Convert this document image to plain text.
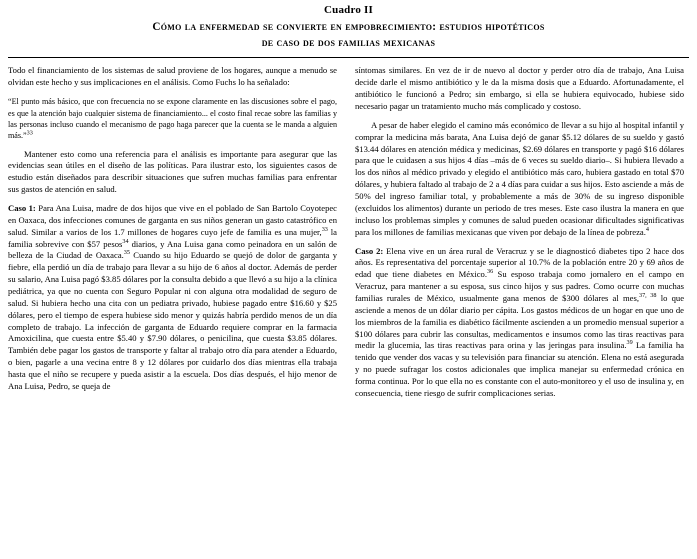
Cuadro II
Cómo la enfermedad se convierte en empobrecimiento: estudios hipotéticos
de caso de dos familias mexicanas

Todo el financiamiento de los sistemas de salud proviene de los hogares, aunque a menudo se olvidan este hecho y sus implicaciones en el análisis. Como Fuchs lo ha señalado:

“El punto más básico, que con frecuencia no se expone claramente en las discusiones sobre el pago, es que la atención bajo cualquier sistema de financiamiento... el costo final recae sobre las familias y las personas incluso cuando el mecanismo de pago haga parecer que la cuenta se le manda a alguien más.”$^{33}$

Mantener esto como una referencia para el análisis es importante para asegurar que las evidencias sean útiles en el diseño de las políticas. Para ilustrar esto, los siguientes casos de estudio están diseñados para describir situaciones que sufren muchas familias para enfrentar sus gastos de atención en salud.

Caso 1: Para Ana Luisa, madre de dos hijos que vive en el poblado de San Bartolo Coyotepec en Oaxaca, dos infecciones comunes de garganta en sus niños generan un gasto catastrófico en salud. Similar a varios de los 1.7 millones de hogares cuyo jefe de familia es una mujer,$^{33}$ la familia sobrevive con $57 pesos$^{34}$ diarios, y Ana Luisa gana como peinadora en un salón de belleza de la Ciudad de Oaxaca.$^{35}$ Cuando su hijo Eduardo se quejó de dolor de garganta y fiebre, ella perdió un día de trabajo para llevar a su hijo de 6 años al doctor. Además de perder su salario, Ana Luisa pagó $3.85 dólares por la consulta debido a que llevó a su hijo a la clínica pediátrica, ya que no cuenta con Seguro Popular ni con alguna otra modalidad de seguro de salud. Si hubiera hecho una cita con un pediatra privado, hubiese pagado entre $16.60 y $25 dólares, pero el tiempo de espera hubiese sido menor y quizás habría perdido menos de un día completo de trabajo. La infección de garganta de Eduardo requiere comprar en la farmacia Amoxicilina, que cuesta entre $5.40 y $7.90 dólares, o penicilina, que cuesta $3.85 dólares. También debe pagar los gastos de transporte y faltar al trabajo otro día para atender a Eduardo, o bien, pagarle a una vecina entre 8 y 12 dólares por cuidarlo dos días mientras ella trabaja hasta que el niño se recupere y pueda asistir a la escuela. Dos días después, el hijo menor de Ana Luisa, Pedro, se queja de

síntomas similares. En vez de ir de nuevo al doctor y perder otro día de trabajo, Ana Luisa decide darle el mismo antibiótico y le da la misma dosis que a Eduardo. Afortunadamente, el antibiótico le funcionó a Pedro; sin embargo, si ella se hubiera equivocado, hubiese sido necesario pagar un tratamiento mucho más complicado y costoso.

A pesar de haber elegido el camino más económico de llevar a su hijo al hospital infantil y comprar la medicina más barata, Ana Luisa dejó de ganar $5.12 dólares de su sueldo y gastó $13.44 dólares en atención médica y medicinas, $2.69 dólares en transporte y pagó $16 dólares para que le cuidasen a sus hijos 4 días –más de 6 veces su sueldo diario–. Si hubiera llevado a los dos niños al médico privado y elegido el antibiótico más caro, hubiera gastado en total $70 dólares, y hubiera faltado al trabajo de 2 a 4 días para cuidar a sus hijos. Esto asciende a más de 50% del ingreso familiar total, y probablemente a más de 30% de su ingreso disponible (excluidos los alimentos) durante un periodo de tres meses. Este caso ilustra la manera en que incluso los problemas simples y comunes de salud pueden ocasionar dificultades significativas para los millones de familias mexicanas que viven por debajo de la línea de pobreza.$^4$

Caso 2: Elena vive en un área rural de Veracruz y se le diagnosticó diabetes tipo 2 hace dos años. Es representativa del porcentaje superior al 10.7% de la población entre 20 y 69 años de edad que tiene diabetes en México.$^{36}$ Su esposo trabaja como jornalero en el campo en Veracruz, para mantener a su esposa, sus cinco hijos y sus padres. Como ocurre con muchas familias rurales de México, usualmente gana menos de $300 dólares al mes,$^{37, 38}$ lo que asciende a menos de un dólar diario per cápita. Los gastos médicos de un hogar en que uno de los miembros de la familia es diabético fácilmente ascienden a un promedio mensual superior a $100 dólares para cubrir las consultas, medicamentos e insumos como las tiras reactivas para medir la glucemia, las tiras reactivas para orina y las jeringas para insulina.$^{39}$ La familia ha tenido que vender dos vacas y su televisión para financiar su atención. Elena no está asegurada y no puede sufragar los costos adicionales que implica manejar su enfermedad crónica en forma continua. Por lo que ella no es constante con el auto-monitoreo y el uso de insulina y, en consecuencia, tiene riesgo de sufrir complicaciones serias.
